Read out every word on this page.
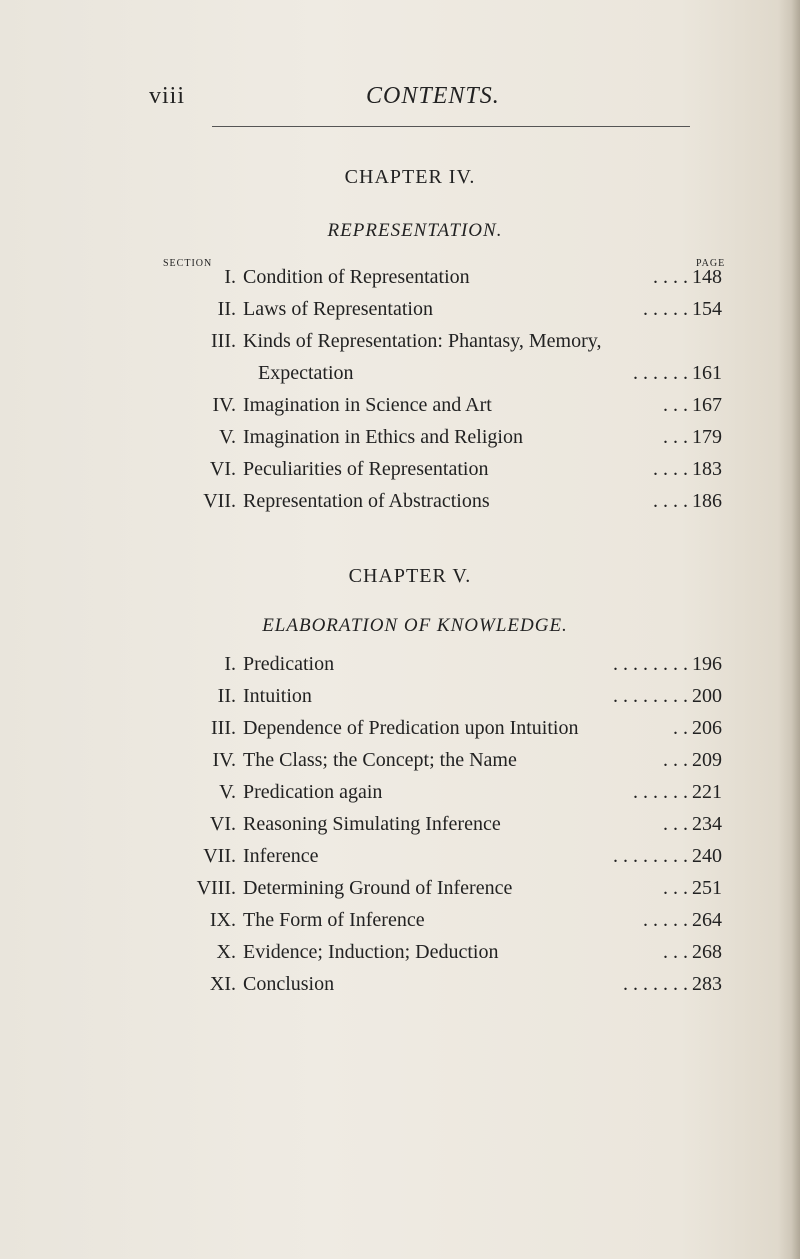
viii	CONTENTS.
CHAPTER IV.
REPRESENTATION.
SECTION	PAGE
I. Condition of Representation	. . . . 148
II. Laws of Representation	. . . . . 154
III. Kinds of Representation: Phantasy, Memory,
Expectation	. . . . . . 161
IV. Imagination in Science and Art	. . . 167
V. Imagination in Ethics and Religion	. . . 179
VI. Peculiarities of Representation	. . . . 183
VII. Representation of Abstractions	. . . . 186
CHAPTER V.
ELABORATION OF KNOWLEDGE.
I. Predication	. . . . . . . . 196
II. Intuition	. . . . . . . . 200
III. Dependence of Predication upon Intuition	. . 206
IV. The Class; the Concept; the Name	. . . 209
V. Predication again	. . . . . . 221
VI. Reasoning Simulating Inference	. . . 234
VII. Inference	. . . . . . . . 240
VIII. Determining Ground of Inference	. . . 251
IX. The Form of Inference	. . . . . 264
X. Evidence; Induction; Deduction	. . . 268
XI. Conclusion	. . . . . . . 283
